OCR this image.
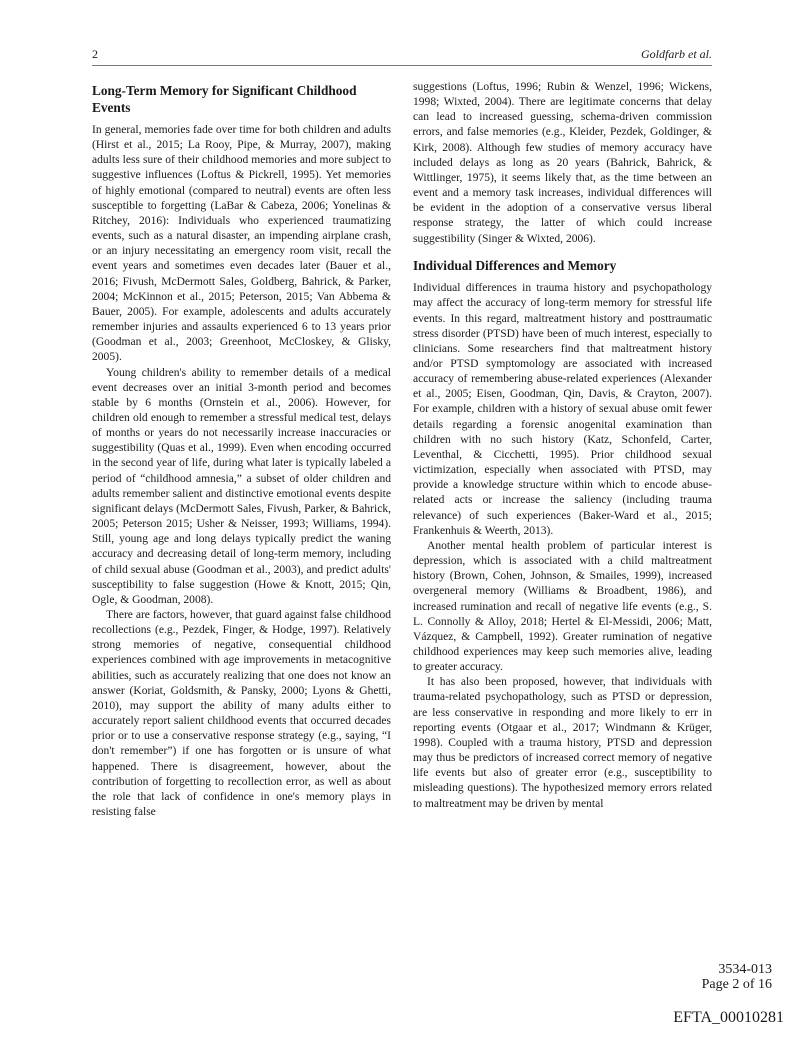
2	Goldfarb et al.
Long-Term Memory for Significant Childhood Events

In general, memories fade over time for both children and adults (Hirst et al., 2015; La Rooy, Pipe, & Murray, 2007), making adults less sure of their childhood memories and more subject to suggestive influences (Loftus & Pickrell, 1995). Yet memories of highly emotional (compared to neutral) events are often less susceptible to forgetting (LaBar & Cabeza, 2006; Yonelinas & Ritchey, 2016): Individuals who experienced traumatizing events, such as a natural disaster, an impending airplane crash, or an injury necessitating an emergency room visit, recall the event years and sometimes even decades later (Bauer et al., 2016; Fivush, McDermott Sales, Goldberg, Bahrick, & Parker, 2004; McKinnon et al., 2015; Peterson, 2015; Van Abbema & Bauer, 2005). For example, adolescents and adults accurately remember injuries and assaults experienced 6 to 13 years prior (Goodman et al., 2003; Greenhoot, McCloskey, & Glisky, 2005).

Young children's ability to remember details of a medical event decreases over an initial 3-month period and becomes stable by 6 months (Ornstein et al., 2006). However, for children old enough to remember a stressful medical test, delays of months or years do not necessarily increase inaccuracies or suggestibility (Quas et al., 1999). Even when encoding occurred in the second year of life, during what later is typically labeled a period of “childhood amnesia,” a subset of older children and adults remember salient and distinctive emotional events despite significant delays (McDermott Sales, Fivush, Parker, & Bahrick, 2005; Peterson 2015; Usher & Neisser, 1993; Williams, 1994). Still, young age and long delays typically predict the waning accuracy and decreasing detail of long-term memory, including of child sexual abuse (Goodman et al., 2003), and predict adults' susceptibility to false suggestion (Howe & Knott, 2015; Qin, Ogle, & Goodman, 2008).

There are factors, however, that guard against false childhood recollections (e.g., Pezdek, Finger, & Hodge, 1997). Relatively strong memories of negative, consequential childhood experiences combined with age improvements in metacognitive abilities, such as accurately realizing that one does not know an answer (Koriat, Goldsmith, & Pansky, 2000; Lyons & Ghetti, 2010), may support the ability of many adults either to accurately report salient childhood events that occurred decades prior or to use a conservative response strategy (e.g., saying, “I don't remember”) if one has forgotten or is unsure of what happened. There is disagreement, however, about the contribution of forgetting to recollection error, as well as about the role that lack of confidence in one's memory plays in resisting false

suggestions (Loftus, 1996; Rubin & Wenzel, 1996; Wickens, 1998; Wixted, 2004). There are legitimate concerns that delay can lead to increased guessing, schema-driven commission errors, and false memories (e.g., Kleider, Pezdek, Goldinger, & Kirk, 2008). Although few studies of memory accuracy have included delays as long as 20 years (Bahrick, Bahrick, & Wittlinger, 1975), it seems likely that, as the time between an event and a memory task increases, individual differences will be evident in the adoption of a conservative versus liberal response strategy, the latter of which could increase suggestibility (Singer & Wixted, 2006).

Individual Differences and Memory

Individual differences in trauma history and psychopathology may affect the accuracy of long-term memory for stressful life events. In this regard, maltreatment history and posttraumatic stress disorder (PTSD) have been of much interest, especially to clinicians. Some researchers find that maltreatment history and/or PTSD symptomology are associated with increased accuracy of remembering abuse-related experiences (Alexander et al., 2005; Eisen, Goodman, Qin, Davis, & Crayton, 2007). For example, children with a history of sexual abuse omit fewer details regarding a forensic anogenital examination than children with no such history (Katz, Schonfeld, Carter, Leventhal, & Cicchetti, 1995). Prior childhood sexual victimization, especially when associated with PTSD, may provide a knowledge structure within which to encode abuse-related acts or increase the saliency (including trauma relevance) of such experiences (Baker-Ward et al., 2015; Frankenhuis & Weerth, 2013).

Another mental health problem of particular interest is depression, which is associated with a child maltreatment history (Brown, Cohen, Johnson, & Smailes, 1999), increased overgeneral memory (Williams & Broadbent, 1986), and increased rumination and recall of negative life events (e.g., S. L. Connolly & Alloy, 2018; Hertel & El-Messidi, 2006; Matt, Vázquez, & Campbell, 1992). Greater rumination of negative childhood experiences may keep such memories alive, leading to greater accuracy.

It has also been proposed, however, that individuals with trauma-related psychopathology, such as PTSD or depression, are less conservative in responding and more likely to err in reporting events (Otgaar et al., 2017; Windmann & Krüger, 1998). Coupled with a trauma history, PTSD and depression may thus be predictors of increased correct memory of negative life events but also of greater error (e.g., susceptibility to misleading questions). The hypothesized memory errors related to maltreatment may be driven by mental

3534-013
Page 2 of 16
EFTA_00010281
